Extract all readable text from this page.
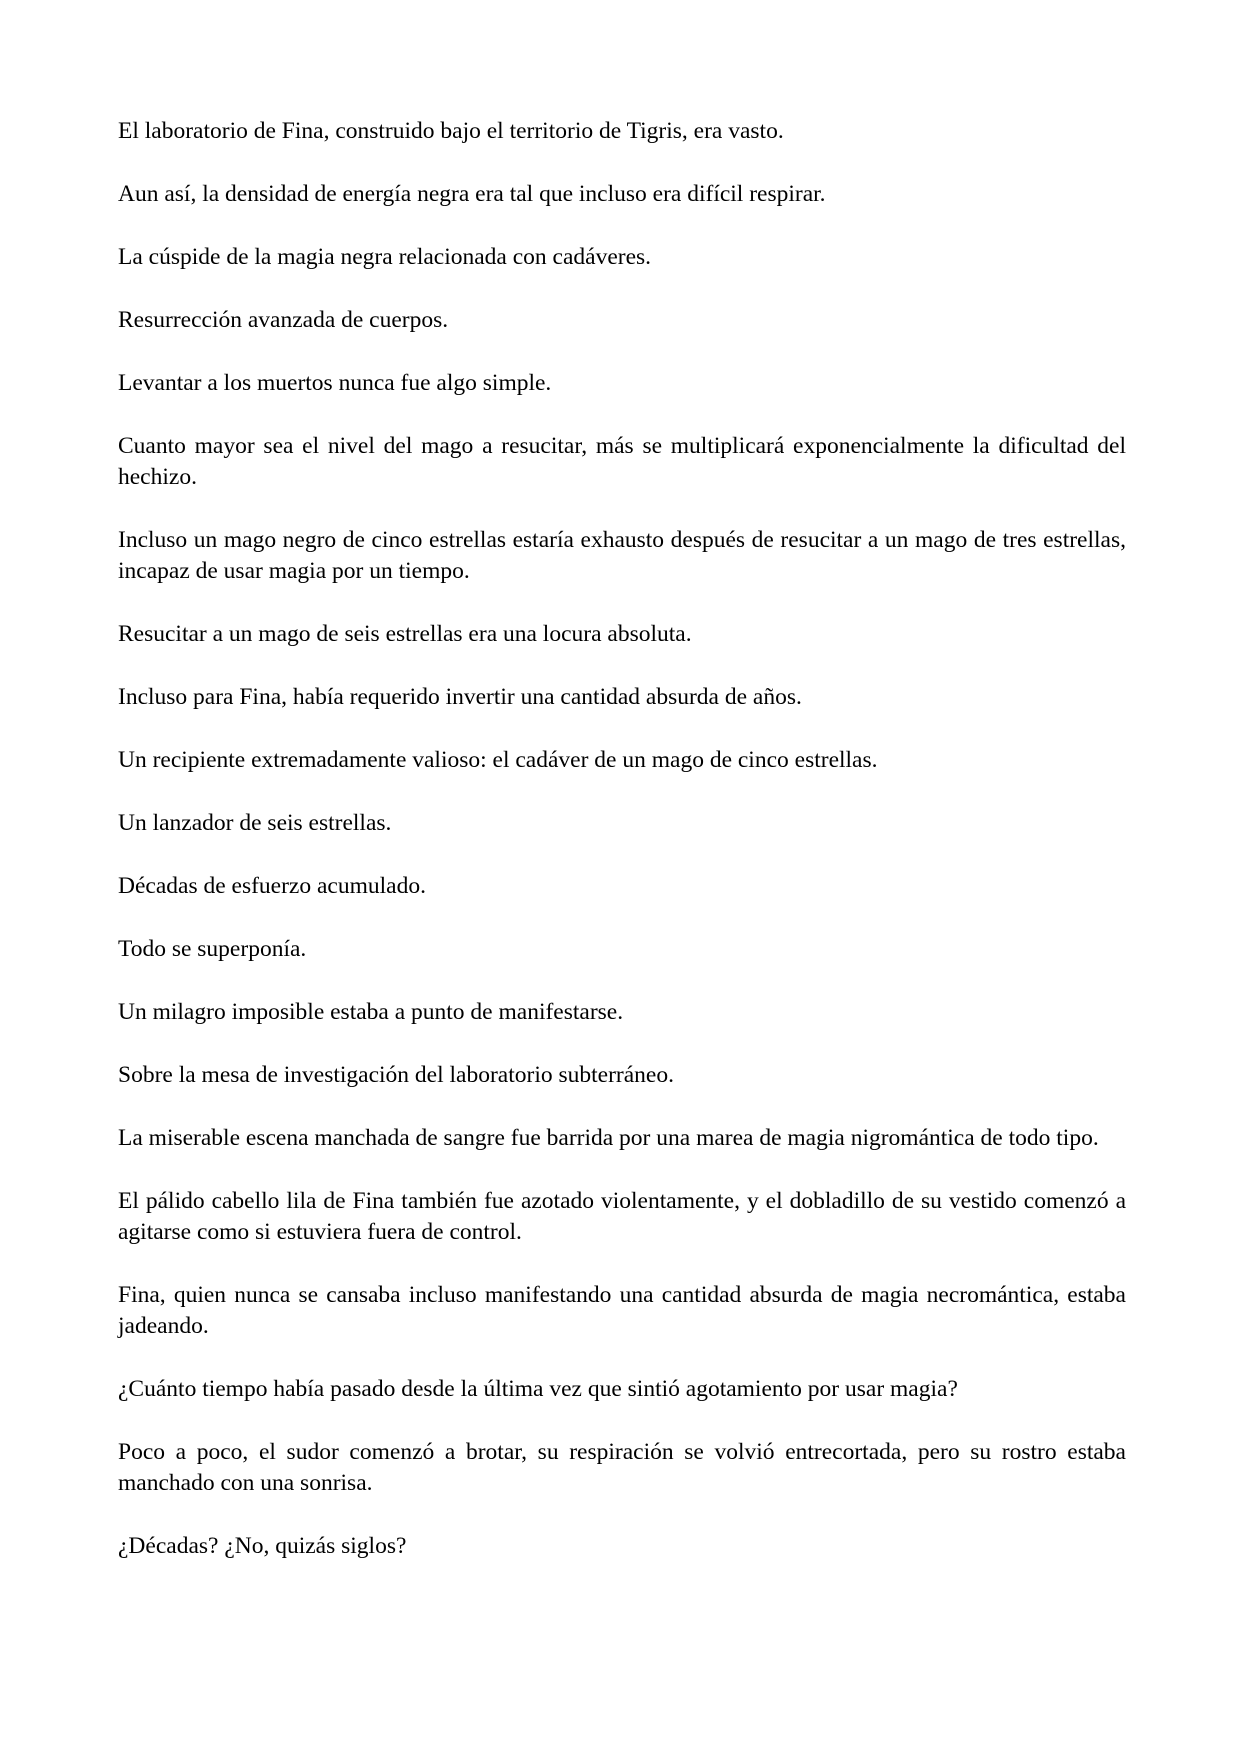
El laboratorio de Fina, construido bajo el territorio de Tigris, era vasto.

Aun así, la densidad de energía negra era tal que incluso era difícil respirar.

La cúspide de la magia negra relacionada con cadáveres.

Resurrección avanzada de cuerpos.

Levantar a los muertos nunca fue algo simple.

Cuanto mayor sea el nivel del mago a resucitar, más se multiplicará exponencialmente la dificultad del hechizo.

Incluso un mago negro de cinco estrellas estaría exhausto después de resucitar a un mago de tres estrellas, incapaz de usar magia por un tiempo.

Resucitar a un mago de seis estrellas era una locura absoluta.

Incluso para Fina, había requerido invertir una cantidad absurda de años.

Un recipiente extremadamente valioso: el cadáver de un mago de cinco estrellas.

Un lanzador de seis estrellas.

Décadas de esfuerzo acumulado.

Todo se superponía.

Un milagro imposible estaba a punto de manifestarse.

Sobre la mesa de investigación del laboratorio subterráneo.

La miserable escena manchada de sangre fue barrida por una marea de magia nigromántica de todo tipo.

El pálido cabello lila de Fina también fue azotado violentamente, y el dobladillo de su vestido comenzó a agitarse como si estuviera fuera de control.

Fina, quien nunca se cansaba incluso manifestando una cantidad absurda de magia necromántica, estaba jadeando.

¿Cuánto tiempo había pasado desde la última vez que sintió agotamiento por usar magia?

Poco a poco, el sudor comenzó a brotar, su respiración se volvió entrecortada, pero su rostro estaba manchado con una sonrisa.

¿Décadas? ¿No, quizás siglos?
